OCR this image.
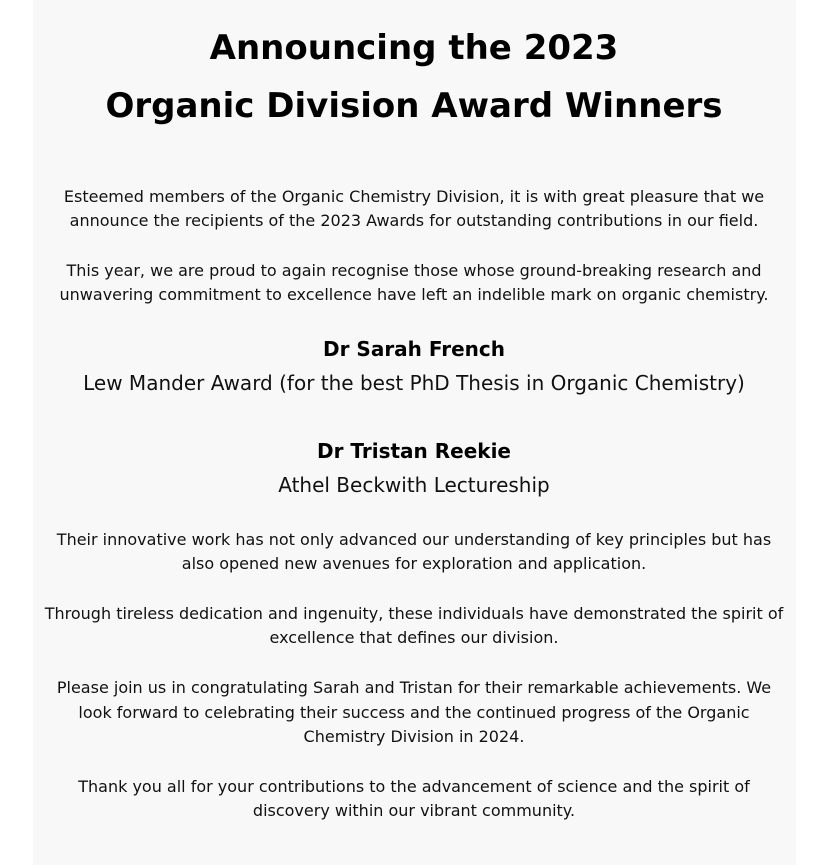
Announcing the 2023
Organic Division Award Winners

Esteemed members of the Organic Chemistry Division, it is with great pleasure that we

announce the recipients of the 2023 Awards for outstanding contributions in our field.

This year, we are proud to again recognise those whose ground-breaking research and

unwavering commitment to excellence have left an indelible mark on organic chemistry.

Dr Sarah French

Lew Mander Award (for the best PhD Thesis in Organic Chemistry)

Dr Tristan Reekie

Athel Beckwith Lectureship

Their innovative work has not only advanced our understanding of key principles but has

also opened new avenues for exploration and application.

Through tireless dedication and ingenuity, these individuals have demonstrated the spirit of

excellence that defines our division.

Please join us in congratulating Sarah and Tristan for their remarkable achievements. We

look forward to celebrating their success and the continued progress of the Organic

Chemistry Division in 2024.

Thank you all for your contributions to the advancement of science and the spirit of

discovery within our vibrant community.
